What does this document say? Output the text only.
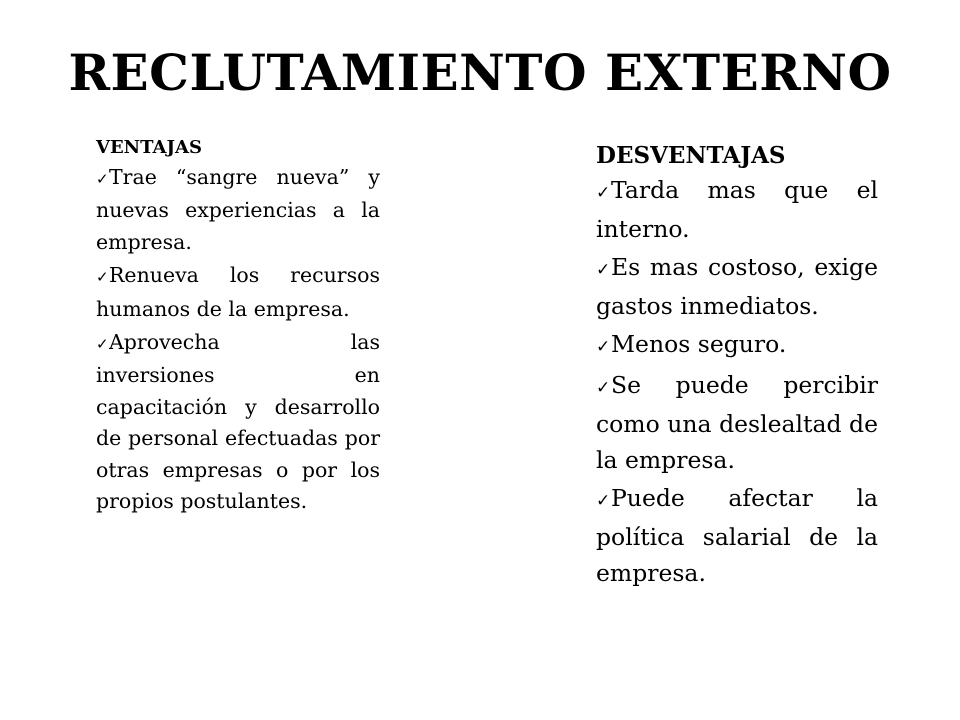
RECLUTAMIENTO EXTERNO

VENTAJAS

✓Trae “sangre nueva” y nuevas experiencias a la empresa.
✓Renueva los recursos humanos de la empresa.
✓Aprovecha las inversiones en capacitación y desarrollo de personal efectuadas por otras empresas o por los propios postulantes.

DESVENTAJAS

✓Tarda mas que el interno.
✓Es mas costoso, exige gastos inmediatos.
✓Menos seguro.
✓Se puede percibir como una deslealtad de la empresa.
✓Puede afectar la política salarial de la empresa.
